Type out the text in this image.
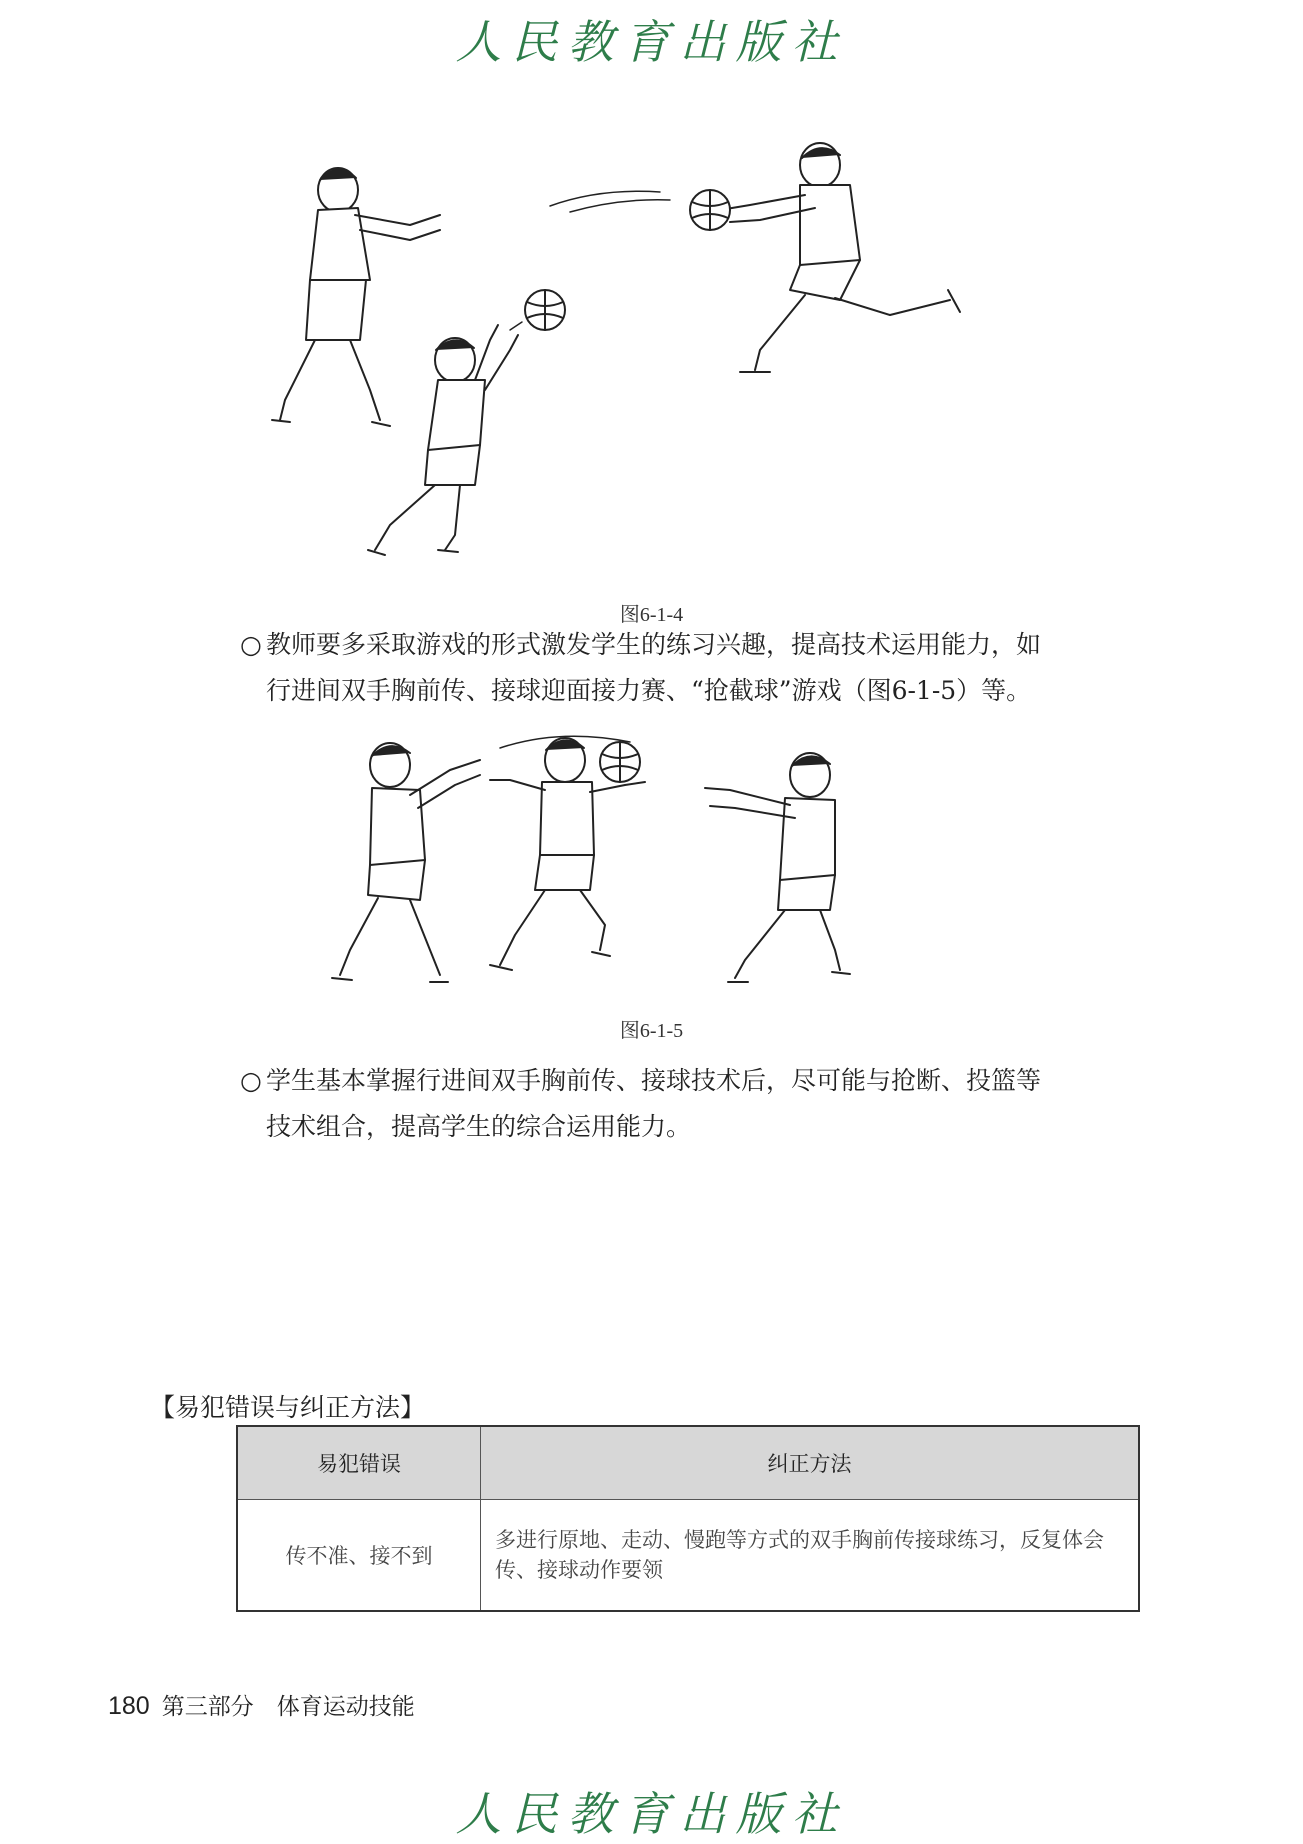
人民教育出版社
图6-1-4
○ 教师要多采取游戏的形式激发学生的练习兴趣，提高技术运用能力，如
行进间双手胸前传、接球迎面接力赛、“抢截球”游戏（图6-1-5）等。
图6-1-5
○ 学生基本掌握行进间双手胸前传、接球技术后，尽可能与抢断、投篮等
技术组合，提高学生的综合运用能力。
【易犯错误与纠正方法】
易犯错误	纠正方法
传不准、接不到	多进行原地、走动、慢跑等方式的双手胸前传接球练习，反复体会传、接球动作要领
180 第三部分　体育运动技能
人民教育出版社
